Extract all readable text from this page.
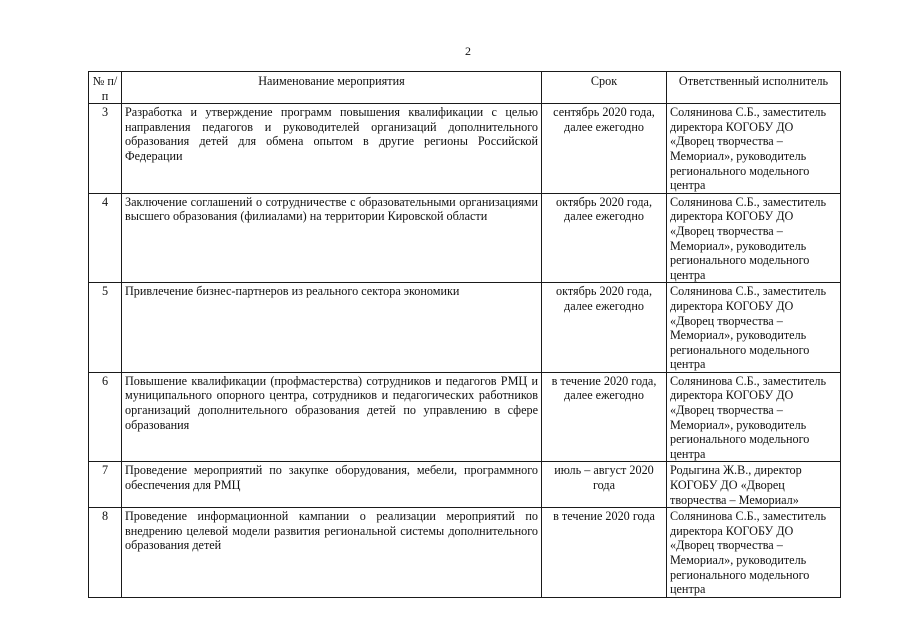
2
№ п/п	Наименование мероприятия	Срок	Ответственный исполнитель
3	Разработка и утверждение программ повышения квалификации с целью направления педагогов и руководителей организаций дополнительного образования детей для обмена опытом в другие регионы Российской Федерации	сентябрь 2020 года, далее ежегодно	Солянинова С.Б., заместитель директора КОГОБУ ДО «Дворец творчества – Мемориал», руководитель регионального модельного центра
4	Заключение соглашений о сотрудничестве с образовательными организациями высшего образования (филиалами) на территории Кировской области	октябрь 2020 года, далее ежегодно	Солянинова С.Б., заместитель директора КОГОБУ ДО «Дворец творчества – Мемориал», руководитель регионального модельного центра
5	Привлечение бизнес-партнеров из реального сектора экономики	октябрь 2020 года, далее ежегодно	Солянинова С.Б., заместитель директора КОГОБУ ДО «Дворец творчества – Мемориал», руководитель регионального модельного центра
6	Повышение квалификации (профмастерства) сотрудников и педагогов РМЦ и муниципального опорного центра, сотрудников и педагогических работников организаций дополнительного образования детей по управлению в сфере образования	в течение 2020 года, далее ежегодно	Солянинова С.Б., заместитель директора КОГОБУ ДО «Дворец творчества – Мемориал», руководитель регионального модельного центра
7	Проведение мероприятий по закупке оборудования, мебели, программного обеспечения для РМЦ	июль – август 2020 года	Родыгина Ж.В., директор КОГОБУ ДО «Дворец творчества – Мемориал»
8	Проведение информационной кампании о реализации мероприятий по внедрению целевой модели развития региональной системы дополнительного образования детей	в течение 2020 года	Солянинова С.Б., заместитель директора КОГОБУ ДО «Дворец творчества – Мемориал», руководитель регионального модельного центра
